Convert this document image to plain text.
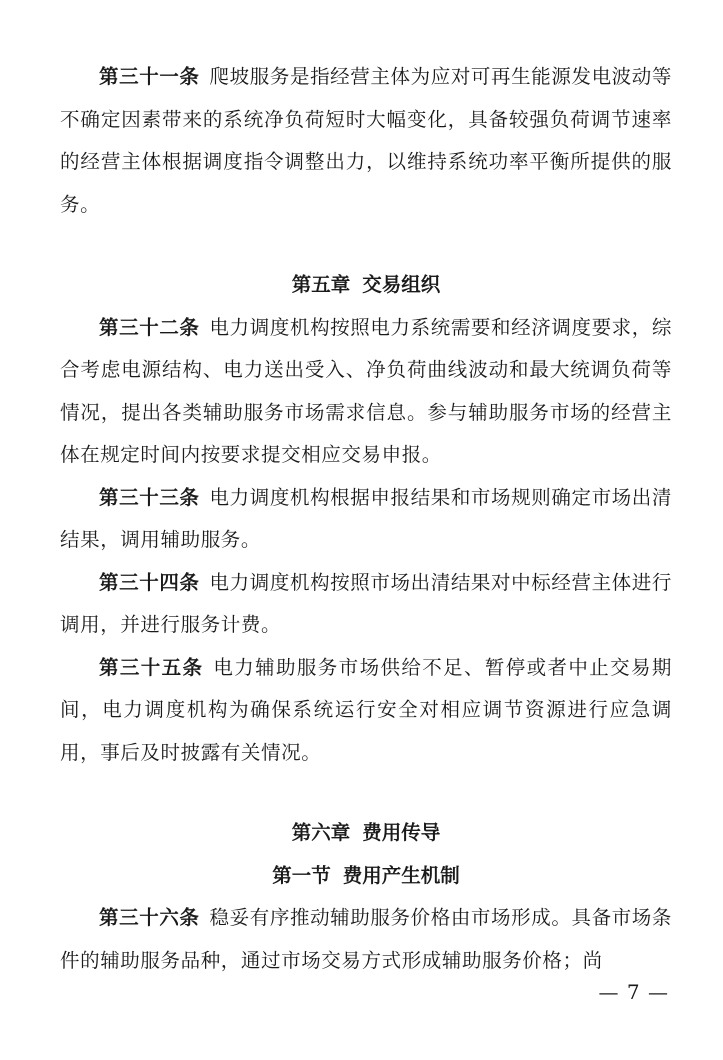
第三十一条 爬坡服务是指经营主体为应对可再生能源发电波动等不确定因素带来的系统净负荷短时大幅变化，具备较强负荷调节速率的经营主体根据调度指令调整出力，以维持系统功率平衡所提供的服务。

第五章 交易组织

第三十二条 电力调度机构按照电力系统需要和经济调度要求，综合考虑电源结构、电力送出受入、净负荷曲线波动和最大统调负荷等情况，提出各类辅助服务市场需求信息。参与辅助服务市场的经营主体在规定时间内按要求提交相应交易申报。

第三十三条 电力调度机构根据申报结果和市场规则确定市场出清结果，调用辅助服务。

第三十四条 电力调度机构按照市场出清结果对中标经营主体进行调用，并进行服务计费。

第三十五条 电力辅助服务市场供给不足、暂停或者中止交易期间，电力调度机构为确保系统运行安全对相应调节资源进行应急调用，事后及时披露有关情况。

第六章 费用传导

第一节 费用产生机制

第三十六条 稳妥有序推动辅助服务价格由市场形成。具备市场条件的辅助服务品种，通过市场交易方式形成辅助服务价格；尚

— 7 —
